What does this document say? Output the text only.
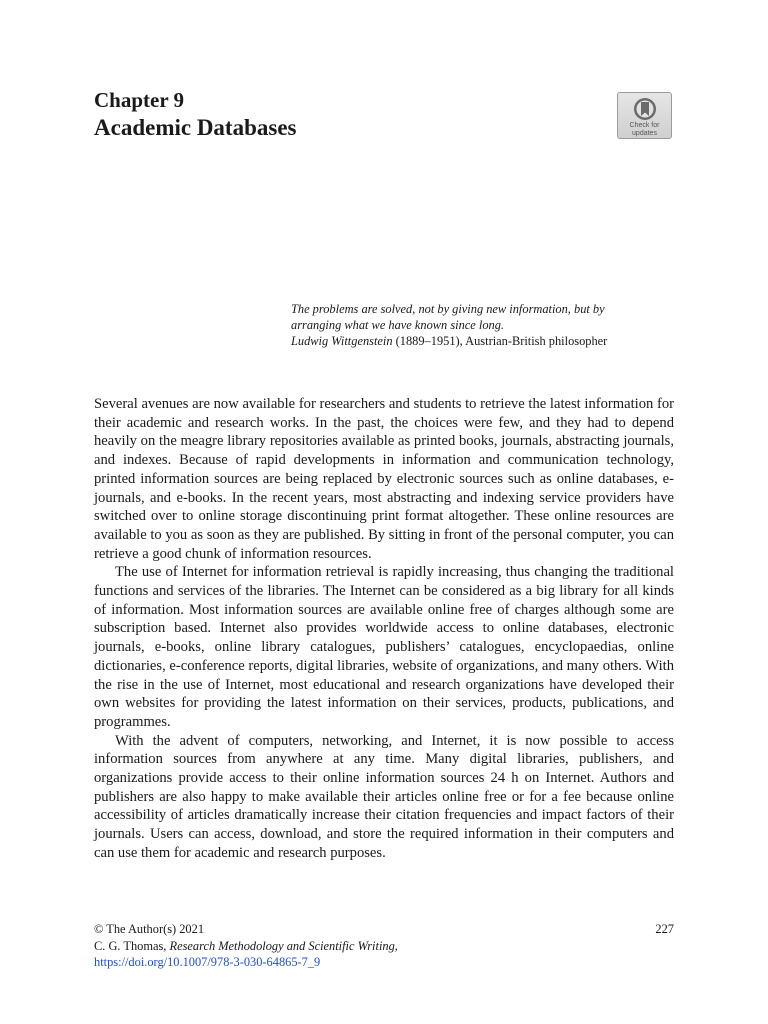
Chapter 9
Academic Databases	Check for
updates
The problems are solved, not by giving new information, but by
arranging what we have known since long.
Ludwig Wittgenstein (1889–1951), Austrian-British philosopher

Several avenues are now available for researchers and students to retrieve the latest information for their academic and research works. In the past, the choices were few, and they had to depend heavily on the meagre library repositories available as printed books, journals, abstracting journals, and indexes. Because of rapid developments in information and communication technology, printed information sources are being replaced by electronic sources such as online databases, e-journals, and e-books. In the recent years, most abstracting and indexing service providers have switched over to online storage discontinuing print format altogether. These online resources are available to you as soon as they are published. By sitting in front of the personal computer, you can retrieve a good chunk of information resources.

The use of Internet for information retrieval is rapidly increasing, thus changing the traditional functions and services of the libraries. The Internet can be considered as a big library for all kinds of information. Most information sources are available online free of charges although some are subscription based. Internet also provides worldwide access to online databases, electronic journals, e-books, online library catalogues, publishers’ catalogues, encyclopaedias, online dictionaries, e-conference reports, digital libraries, website of organizations, and many others. With the rise in the use of Internet, most educational and research organizations have developed their own websites for providing the latest information on their services, products, publications, and programmes.

With the advent of computers, networking, and Internet, it is now possible to access information sources from anywhere at any time. Many digital libraries, publishers, and organizations provide access to their online information sources 24 h on Internet. Authors and publishers are also happy to make available their articles online free or for a fee because online accessibility of articles dramatically increase their citation frequencies and impact factors of their journals. Users can access, download, and store the required information in their computers and can use them for academic and research purposes.

© The Author(s) 2021	227
C. G. Thomas, Research Methodology and Scientific Writing,
https://doi.org/10.1007/978-3-030-64865-7_9
